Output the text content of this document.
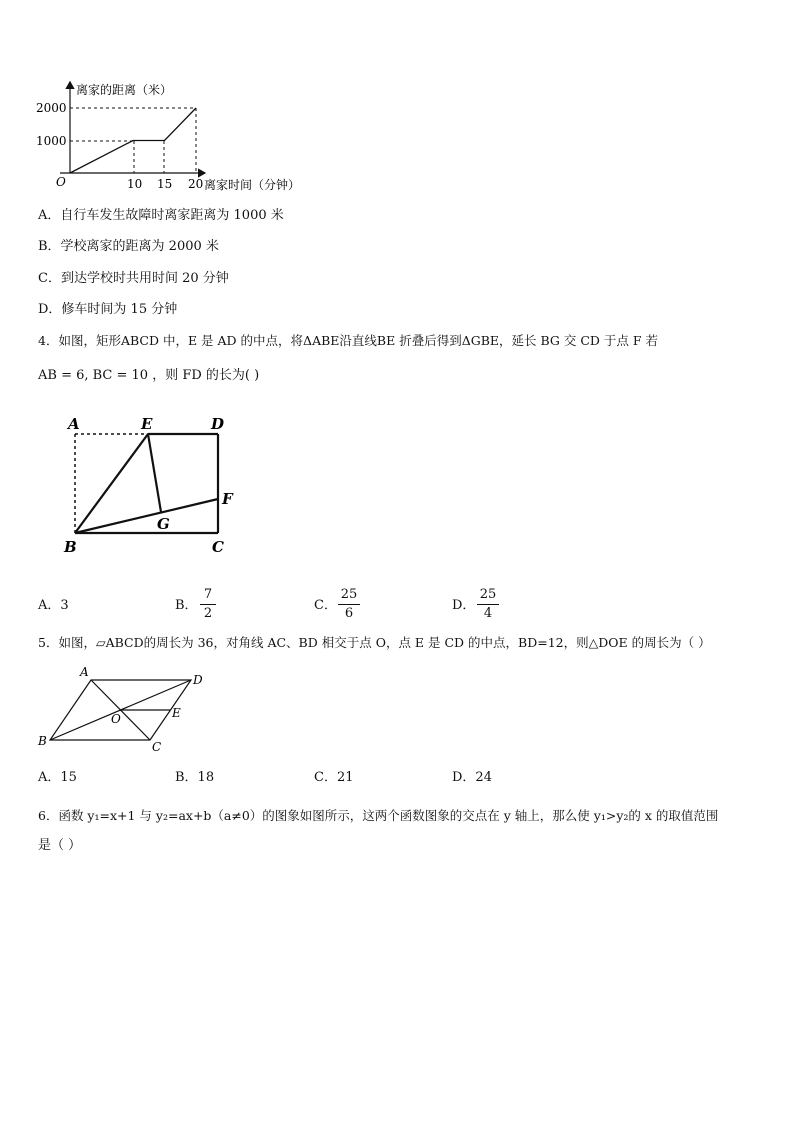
离家的距离（米）
离家时间（分钟）
O
2000
1000
10 15 20
A．自行车发生故障时离家距离为 1000 米
B．学校离家的距离为 2000 米
C．到达学校时共用时间 20 分钟
D．修车时间为 15 分钟
4．如图，矩形ABCD 中，E 是 AD 的中点，将ΔABE沿直线BE 折叠后得到ΔGBE，延长 BG 交 CD 于点 F 若
AB = 6, BC = 10 ，则 FD 的长为( )
A	E	D
F
G
B	C
A．3	B．
7
2
C．
25
6
D．
25
4
5．如图，▱ABCD的周长为 36，对角线 AC、BD 相交于点 O，点 E 是 CD 的中点，BD=12，则△DOE 的周长为（ ）
A
D
O	E
B	C
A．15	B．18	C．21	D．24
6．函数 y₁=x+1 与 y₂=ax+b（a≠0）的图象如图所示，这两个函数图象的交点在 y 轴上，那么使 y₁>y₂的 x 的取值范围
是（ ）
